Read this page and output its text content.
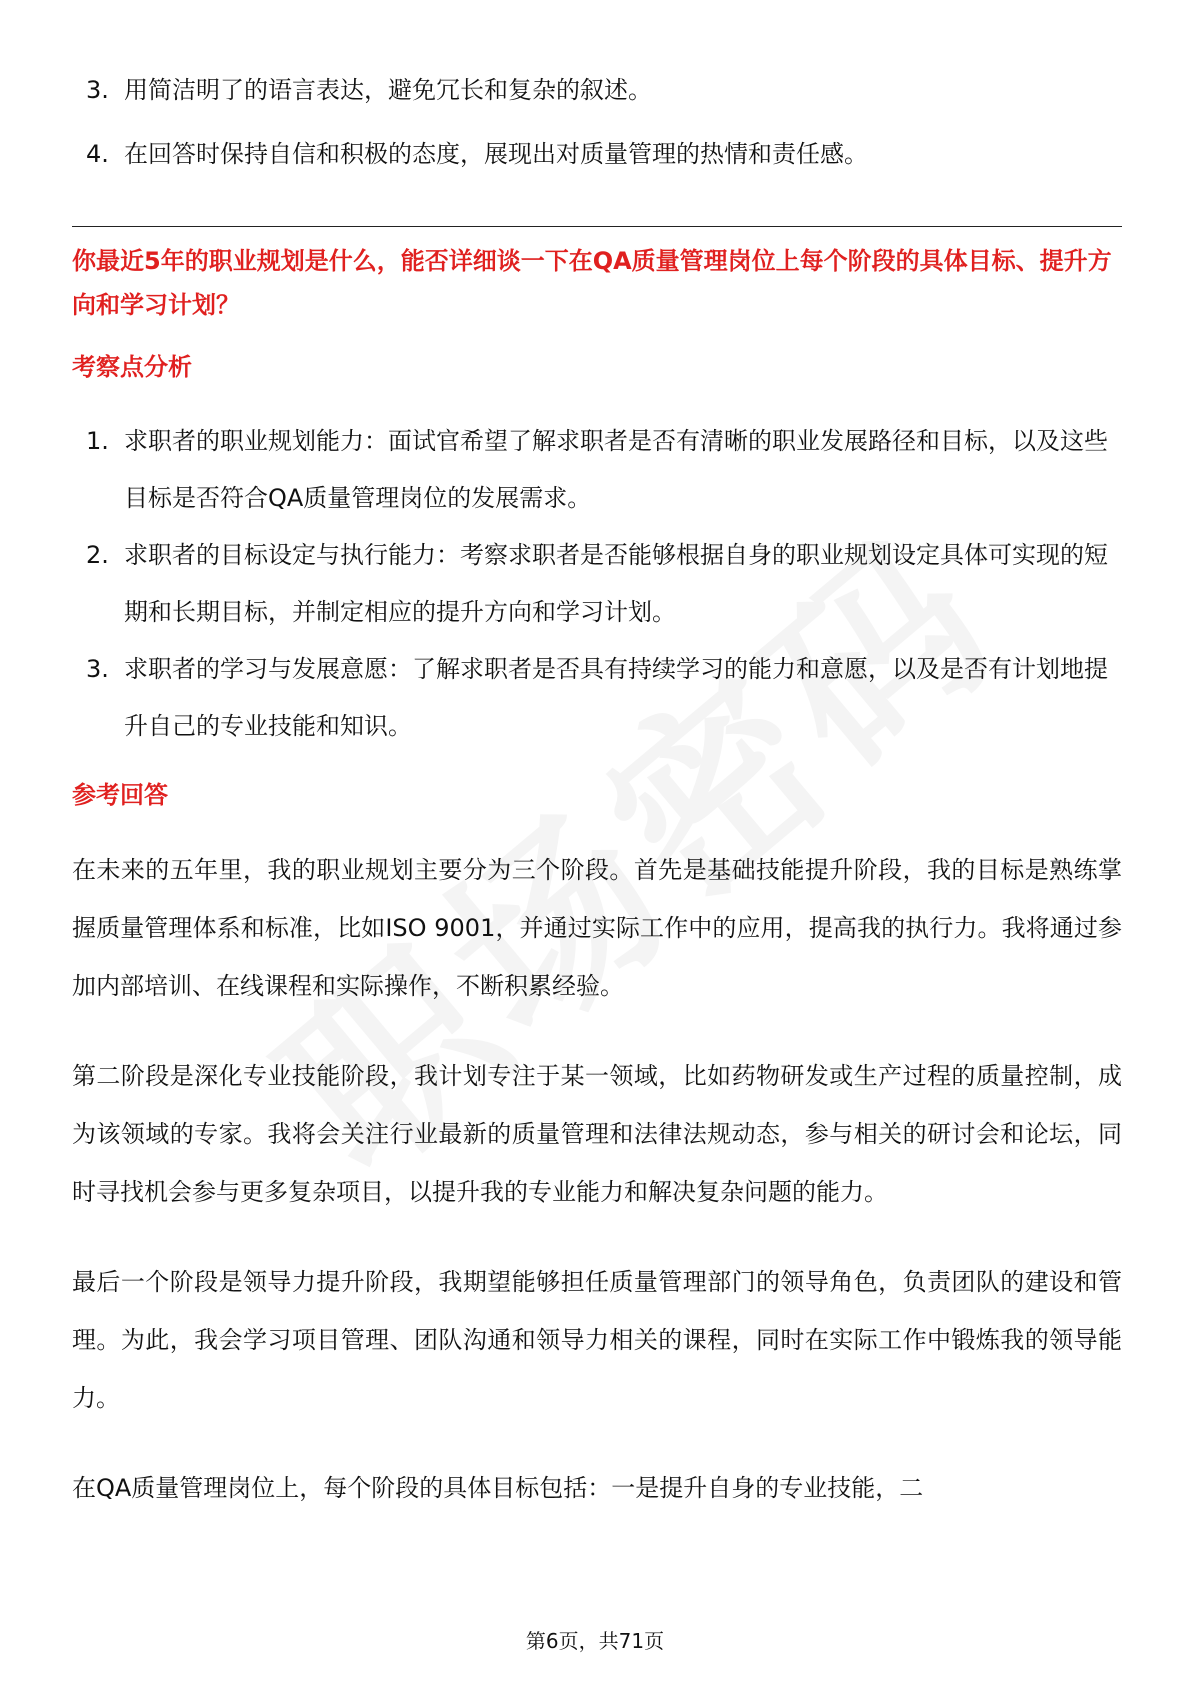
3. 用简洁明了的语言表达，避免冗长和复杂的叙述。
4. 在回答时保持自信和积极的态度，展现出对质量管理的热情和责任感。

你最近5年的职业规划是什么，能否详细谈一下在QA质量管理岗位上每个阶段的具体目标、提升方向和学习计划？

考察点分析
1. 求职者的职业规划能力：面试官希望了解求职者是否有清晰的职业发展路径和目标，以及这些目标是否符合QA质量管理岗位的发展需求。
2. 求职者的目标设定与执行能力：考察求职者是否能够根据自身的职业规划设定具体可实现的短期和长期目标，并制定相应的提升方向和学习计划。
3. 求职者的学习与发展意愿：了解求职者是否具有持续学习的能力和意愿，以及是否有计划地提升自己的专业技能和知识。
参考回答

在未来的五年里，我的职业规划主要分为三个阶段。首先是基础技能提升阶段，我的目标是熟练掌握质量管理体系和标准，比如ISO 9001，并通过实际工作中的应用，提高我的执行力。我将通过参加内部培训、在线课程和实际操作，不断积累经验。

第二阶段是深化专业技能阶段，我计划专注于某一领域，比如药物研发或生产过程的质量控制，成为该领域的专家。我将会关注行业最新的质量管理和法律法规动态，参与相关的研讨会和论坛，同时寻找机会参与更多复杂项目，以提升我的专业能力和解决复杂问题的能力。

最后一个阶段是领导力提升阶段，我期望能够担任质量管理部门的领导角色，负责团队的建设和管理。为此，我会学习项目管理、团队沟通和领导力相关的课程，同时在实际工作中锻炼我的领导能力。

在QA质量管理岗位上，每个阶段的具体目标包括：一是提升自身的专业技能，二

第6页，共71页
